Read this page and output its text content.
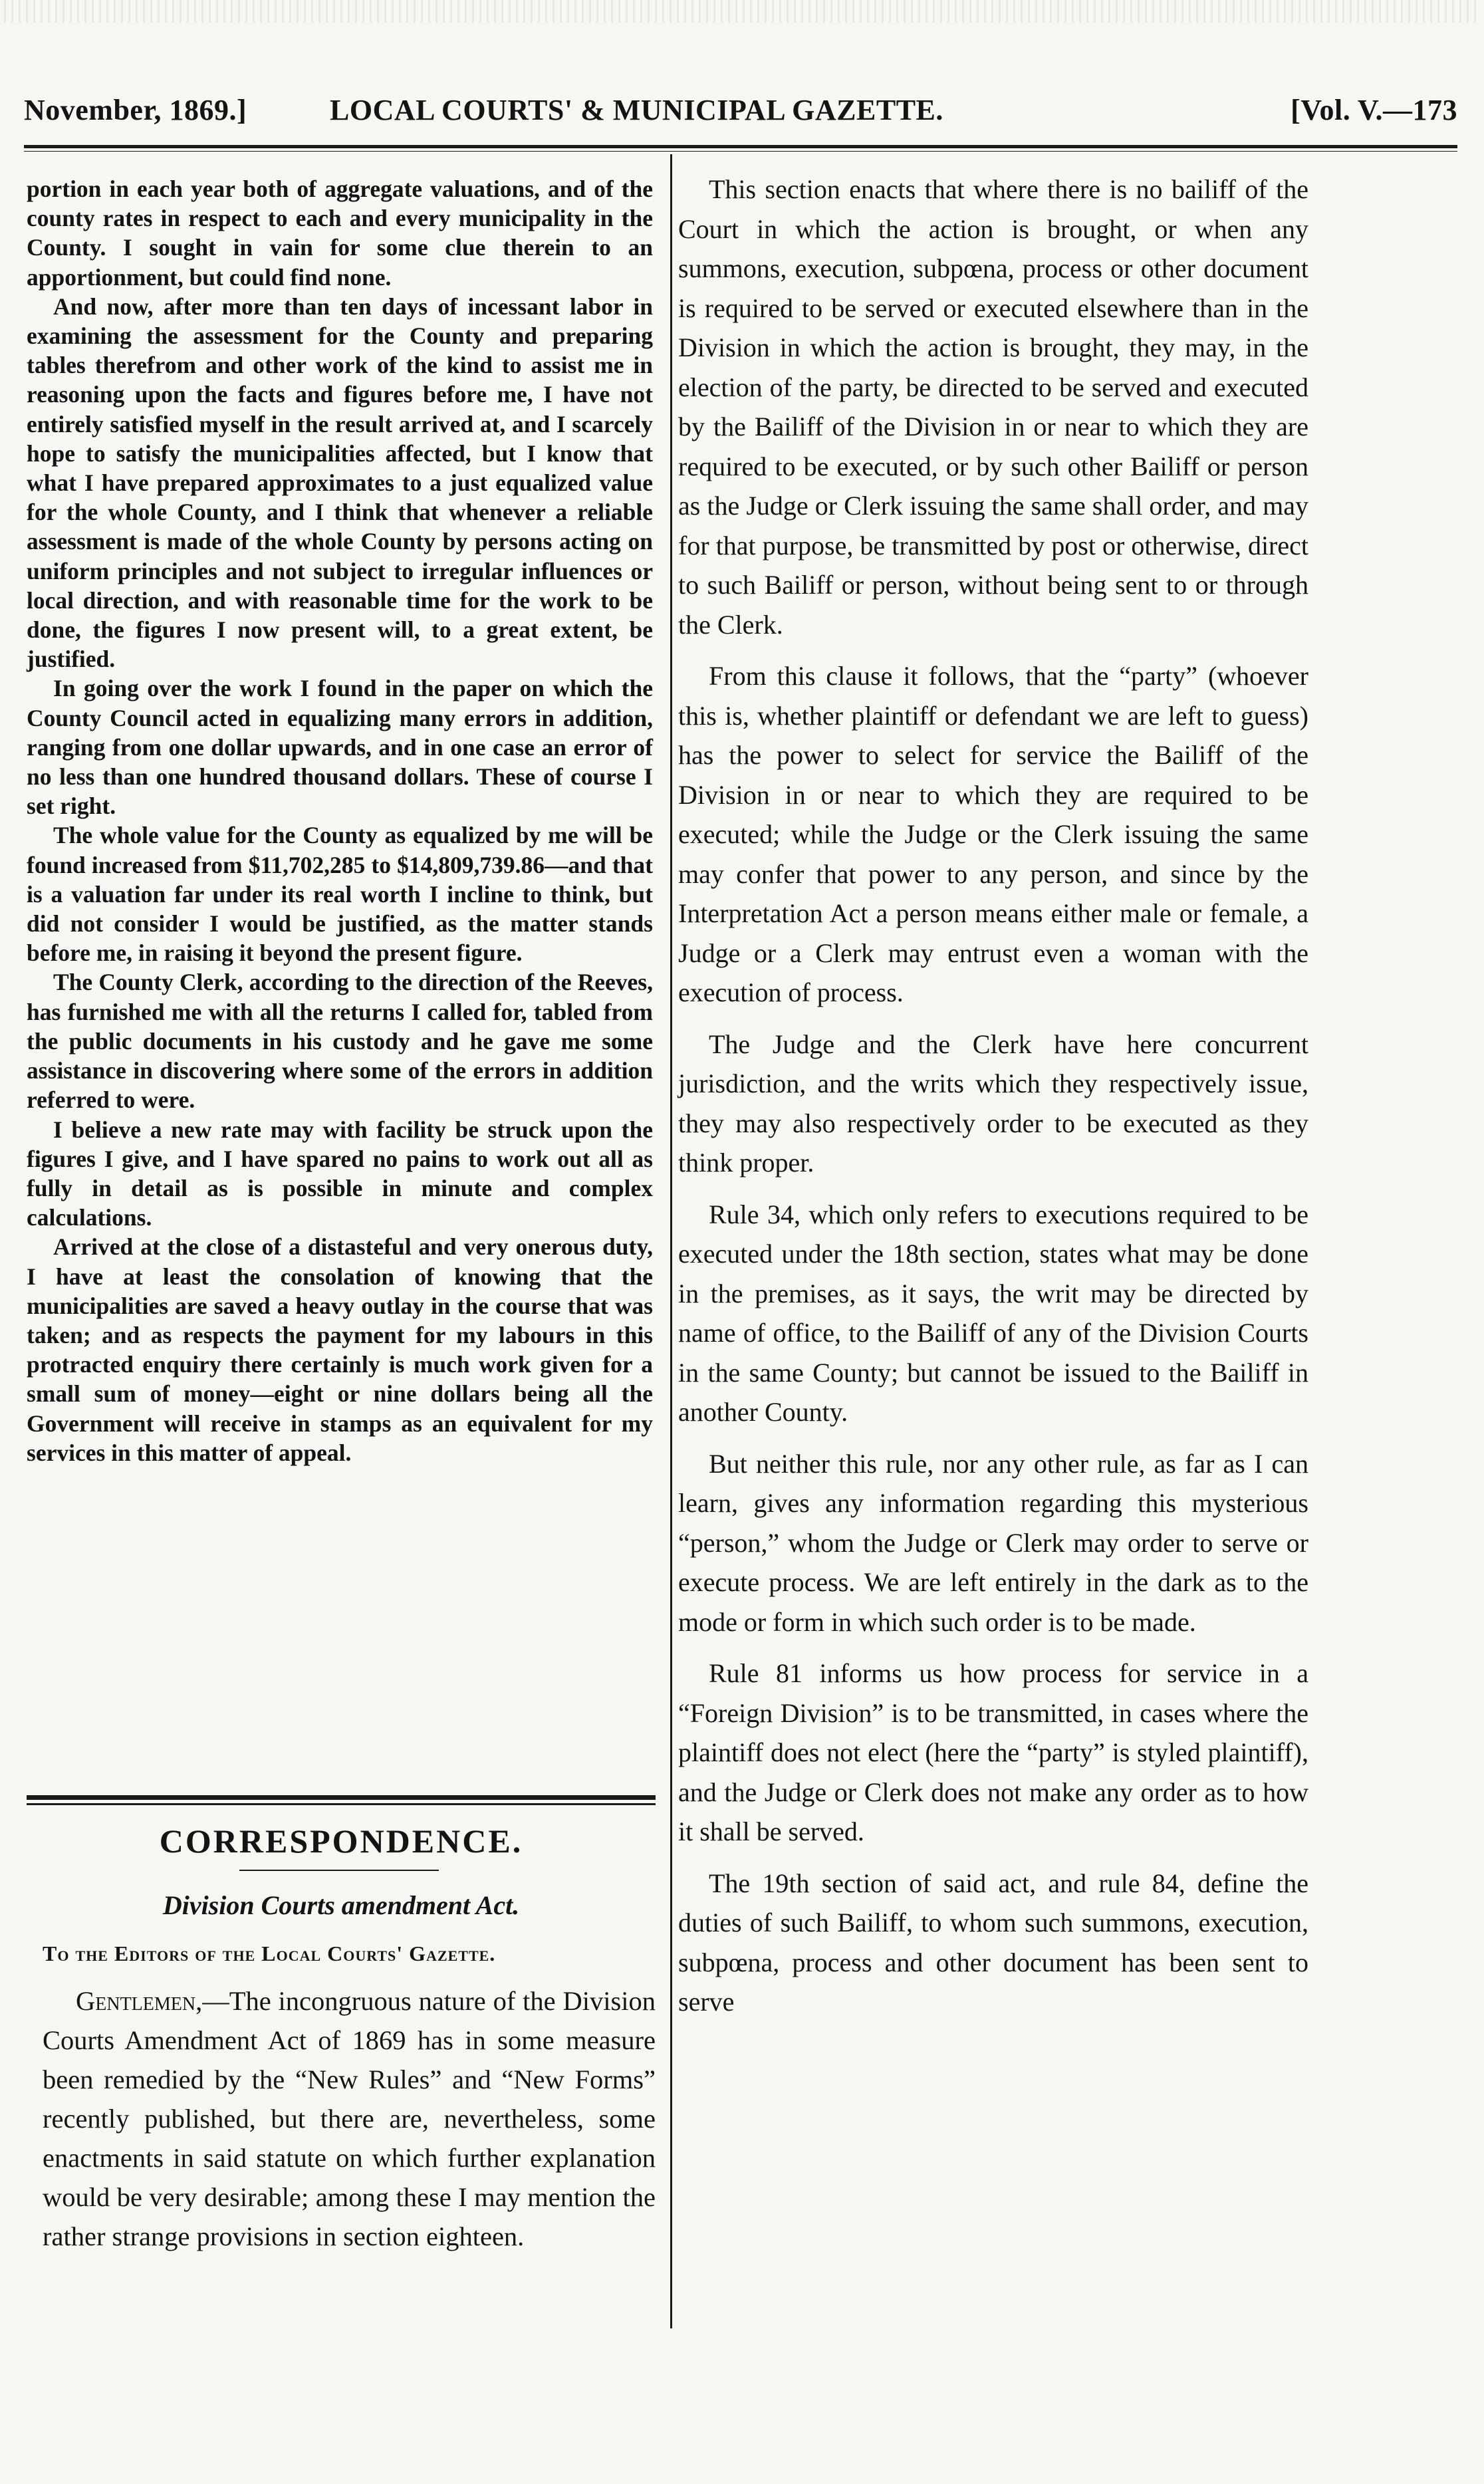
November, 1869.]	LOCAL COURTS' & MUNICIPAL GAZETTE.	[Vol. V.—173

portion in each year both of aggregate valuations, and of the county rates in respect to each and every municipality in the County. I sought in vain for some clue therein to an apportionment, but could find none.

And now, after more than ten days of incessant labor in examining the assessment for the County and preparing tables therefrom and other work of the kind to assist me in reasoning upon the facts and figures before me, I have not entirely satisfied myself in the result arrived at, and I scarcely hope to satisfy the municipalities affected, but I know that what I have prepared approximates to a just equalized value for the whole County, and I think that whenever a reliable assessment is made of the whole County by persons acting on uniform principles and not subject to irregular influences or local direction, and with reasonable time for the work to be done, the figures I now present will, to a great extent, be justified.

In going over the work I found in the paper on which the County Council acted in equalizing many errors in addition, ranging from one dollar upwards, and in one case an error of no less than one hundred thousand dollars. These of course I set right.

The whole value for the County as equalized by me will be found increased from $11,702,285 to $14,809,739.86—and that is a valuation far under its real worth I incline to think, but did not consider I would be justified, as the matter stands before me, in raising it beyond the present figure.

The County Clerk, according to the direction of the Reeves, has furnished me with all the returns I called for, tabled from the public documents in his custody and he gave me some assistance in discovering where some of the errors in addition referred to were.

I believe a new rate may with facility be struck upon the figures I give, and I have spared no pains to work out all as fully in detail as is possible in minute and complex calculations.

Arrived at the close of a distasteful and very onerous duty, I have at least the consolation of knowing that the municipalities are saved a heavy outlay in the course that was taken; and as respects the payment for my labours in this protracted enquiry there certainly is much work given for a small sum of money—eight or nine dollars being all the Government will receive in stamps as an equivalent for my services in this matter of appeal.

CORRESPONDENCE.
Division Courts amendment Act.
To the Editors of the Local Courts' Gazette.

Gentlemen,—The incongruous nature of the Division Courts Amendment Act of 1869 has in some measure been remedied by the “New Rules” and “New Forms” recently published, but there are, nevertheless, some enactments in said statute on which further explanation would be very desirable; among these I may mention the rather strange provisions in section eighteen.

This section enacts that where there is no bailiff of the Court in which the action is brought, or when any summons, execution, subpœna, process or other document is required to be served or executed elsewhere than in the Division in which the action is brought, they may, in the election of the party, be directed to be served and executed by the Bailiff of the Division in or near to which they are required to be executed, or by such other Bailiff or person as the Judge or Clerk issuing the same shall order, and may for that purpose, be transmitted by post or otherwise, direct to such Bailiff or person, without being sent to or through the Clerk.

From this clause it follows, that the “party” (whoever this is, whether plaintiff or defendant we are left to guess) has the power to select for service the Bailiff of the Division in or near to which they are required to be executed; while the Judge or the Clerk issuing the same may confer that power to any person, and since by the Interpretation Act a person means either male or female, a Judge or a Clerk may entrust even a woman with the execution of process.

The Judge and the Clerk have here concurrent jurisdiction, and the writs which they respectively issue, they may also respectively order to be executed as they think proper.

Rule 34, which only refers to executions required to be executed under the 18th section, states what may be done in the premises, as it says, the writ may be directed by name of office, to the Bailiff of any of the Division Courts in the same County; but cannot be issued to the Bailiff in another County.

But neither this rule, nor any other rule, as far as I can learn, gives any information regarding this mysterious “person,” whom the Judge or Clerk may order to serve or execute process. We are left entirely in the dark as to the mode or form in which such order is to be made.

Rule 81 informs us how process for service in a “Foreign Division” is to be transmitted, in cases where the plaintiff does not elect (here the “party” is styled plaintiff), and the Judge or Clerk does not make any order as to how it shall be served.

The 19th section of said act, and rule 84, define the duties of such Bailiff, to whom such summons, execution, subpœna, process and other document has been sent to serve
